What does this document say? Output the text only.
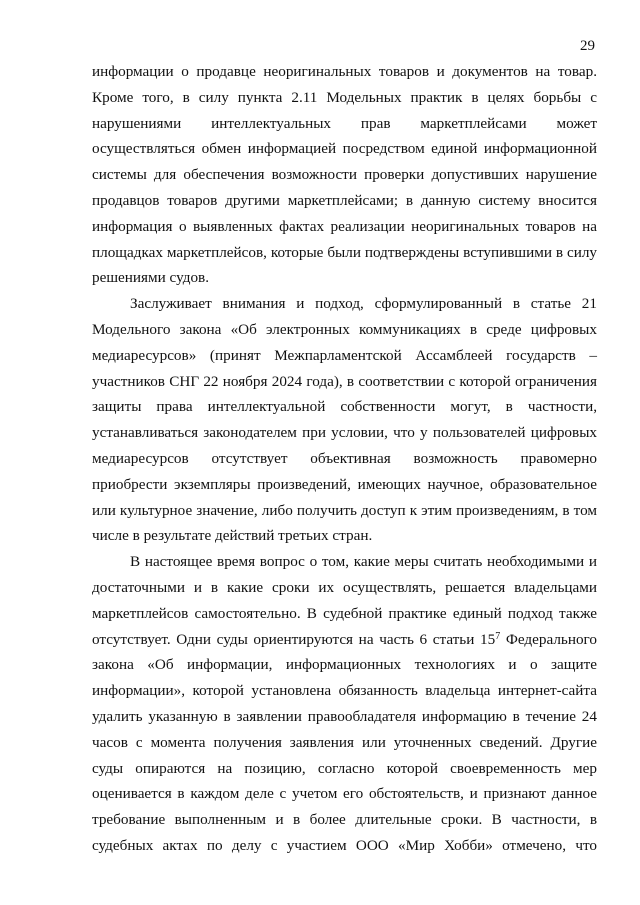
29
информации о продавце неоригинальных товаров и документов на товар.
Кроме того, в силу пункта 2.11 Модельных практик в целях борьбы с
нарушениями интеллектуальных прав маркетплейсами может
осуществляться обмен информацией посредством единой информационной
системы для обеспечения возможности проверки допустивших нарушение
продавцов товаров другими маркетплейсами; в данную систему вносится
информация о выявленных фактах реализации неоригинальных товаров на
площадках маркетплейсов, которые были подтверждены вступившими в силу
решениями судов.
Заслуживает внимания и подход, сформулированный в статье 21
Модельного закона «Об электронных коммуникациях в среде цифровых
медиаресурсов» (принят Межпарламентской Ассамблеей государств –
участников СНГ 22 ноября 2024 года), в соответствии с которой ограничения
защиты права интеллектуальной собственности могут, в частности,
устанавливаться законодателем при условии, что у пользователей цифровых
медиаресурсов отсутствует объективная возможность правомерно
приобрести экземпляры произведений, имеющих научное, образовательное
или культурное значение, либо получить доступ к этим произведениям, в том
числе в результате действий третьих стран.
В настоящее время вопрос о том, какие меры считать необходимыми и
достаточными и в какие сроки их осуществлять, решается владельцами
маркетплейсов самостоятельно. В судебной практике единый подход также
отсутствует. Одни суды ориентируются на часть 6 статьи $15^7$ Федерального
закона «Об информации, информационных технологиях и о защите
информации», которой установлена обязанность владельца интернет-сайта
удалить указанную в заявлении правообладателя информацию в течение 24
часов с момента получения заявления или уточненных сведений. Другие
суды опираются на позицию, согласно которой своевременность мер
оценивается в каждом деле с учетом его обстоятельств, и признают данное
требование выполненным и в более длительные сроки. В частности, в
судебных актах по делу с участием ООО «Мир Хобби» отмечено, что
